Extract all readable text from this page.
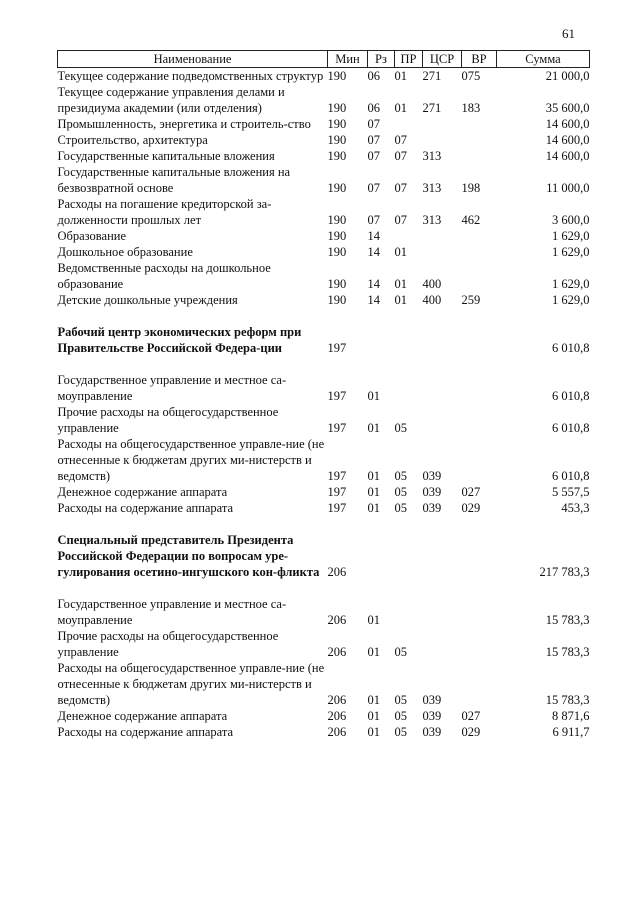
61
Наименование	Мин	Рз	ПР	ЦСР	ВР	Сумма
Текущее содержание подведомственных структур	190	06	01	271	075	21 000,0
Текущее содержание управления делами и президиума академии (или отделения)	190	06	01	271	183	35 600,0
Промышленность, энергетика и строитель-ство	190	07				14 600,0
Строительство, архитектура	190	07	07			14 600,0
Государственные капитальные вложения	190	07	07	313		14 600,0
Государственные капитальные вложения на безвозвратной основе	190	07	07	313	198	11 000,0
Расходы на погашение кредиторской за-долженности прошлых лет	190	07	07	313	462	3 600,0
Образование	190	14				1 629,0
Дошкольное образование	190	14	01			1 629,0
Ведомственные расходы на дошкольное образование	190	14	01	400		1 629,0
Детские дошкольные учреждения	190	14	01	400	259	1 629,0

Рабочий центр экономических реформ при Правительстве Российской Федера-ции	197					6 010,8

Государственное управление и местное са-моуправление	197	01				6 010,8
Прочие расходы на общегосударственное управление	197	01	05			6 010,8
Расходы на общегосударственное управле-ние (не отнесенные к бюджетам других ми-нистерств и ведомств)	197	01	05	039		6 010,8
Денежное содержание аппарата	197	01	05	039	027	5 557,5
Расходы на содержание аппарата	197	01	05	039	029	453,3

Специальный представитель Президента Российской Федерации по вопросам уре-гулирования осетино-ингушского кон-фликта	206					217 783,3

Государственное управление и местное са-моуправление	206	01				15 783,3
Прочие расходы на общегосударственное управление	206	01	05			15 783,3
Расходы на общегосударственное управле-ние (не отнесенные к бюджетам других ми-нистерств и ведомств)	206	01	05	039		15 783,3
Денежное содержание аппарата	206	01	05	039	027	8 871,6
Расходы на содержание аппарата	206	01	05	039	029	6 911,7
